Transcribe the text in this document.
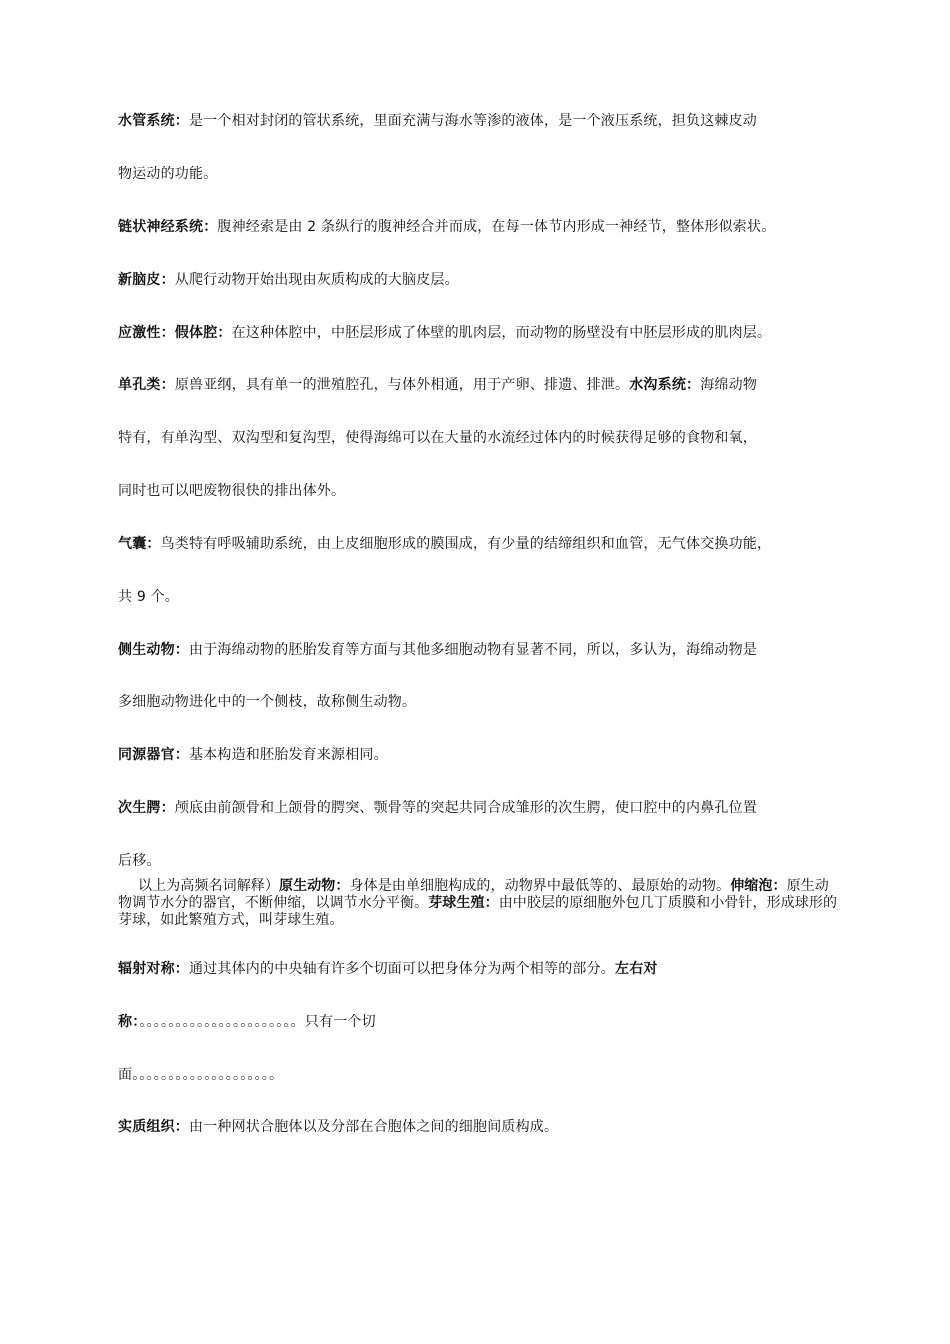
水管系统：是一个相对封闭的管状系统，里面充满与海水等渗的液体，是一个液压系统，担负这棘皮动
物运动的功能。
链状神经系统：腹神经索是由 2 条纵行的腹神经合并而成，在每一体节内形成一神经节，整体形似索状。
新脑皮：从爬行动物开始出现由灰质构成的大脑皮层。
应激性：假体腔：在这种体腔中，中胚层形成了体壁的肌肉层，而动物的肠壁没有中胚层形成的肌肉层。
单孔类：原兽亚纲，具有单一的泄殖腔孔，与体外相通，用于产卵、排遗、排泄。水沟系统：海绵动物
特有，有单沟型、双沟型和复沟型，使得海绵可以在大量的水流经过体内的时候获得足够的食物和氧，
同时也可以吧废物很快的排出体外。
气囊：鸟类特有呼吸辅助系统，由上皮细胞形成的膜围成，有少量的结缔组织和血管，无气体交换功能，
共 9 个。
侧生动物：由于海绵动物的胚胎发育等方面与其他多细胞动物有显著不同，所以，多认为，海绵动物是
多细胞动物进化中的一个侧枝，故称侧生动物。
同源器官：基本构造和胚胎发育来源相同。
次生腭：颅底由前颌骨和上颌骨的腭突、颚骨等的突起共同合成雏形的次生腭，使口腔中的内鼻孔位置
后移。
以上为高频名词解释）原生动物：身体是由单细胞构成的，动物界中最低等的、最原始的动物。伸缩泡：原生动物调节水分的器官，不断伸缩，以调节水分平衡。芽球生殖：由中胶层的原细胞外包几丁质膜和小骨针，形成球形的芽球，如此繁殖方式，叫芽球生殖。
辐射对称：通过其体内的中央轴有许多个切面可以把身体分为两个相等的部分。左右对
称：。。。。。。。。。。。。。。。。。。。。。。只有一个切
面。。。。。。。。。。。。。。。。。。。。
实质组织：由一种网状合胞体以及分部在合胞体之间的细胞间质构成。
